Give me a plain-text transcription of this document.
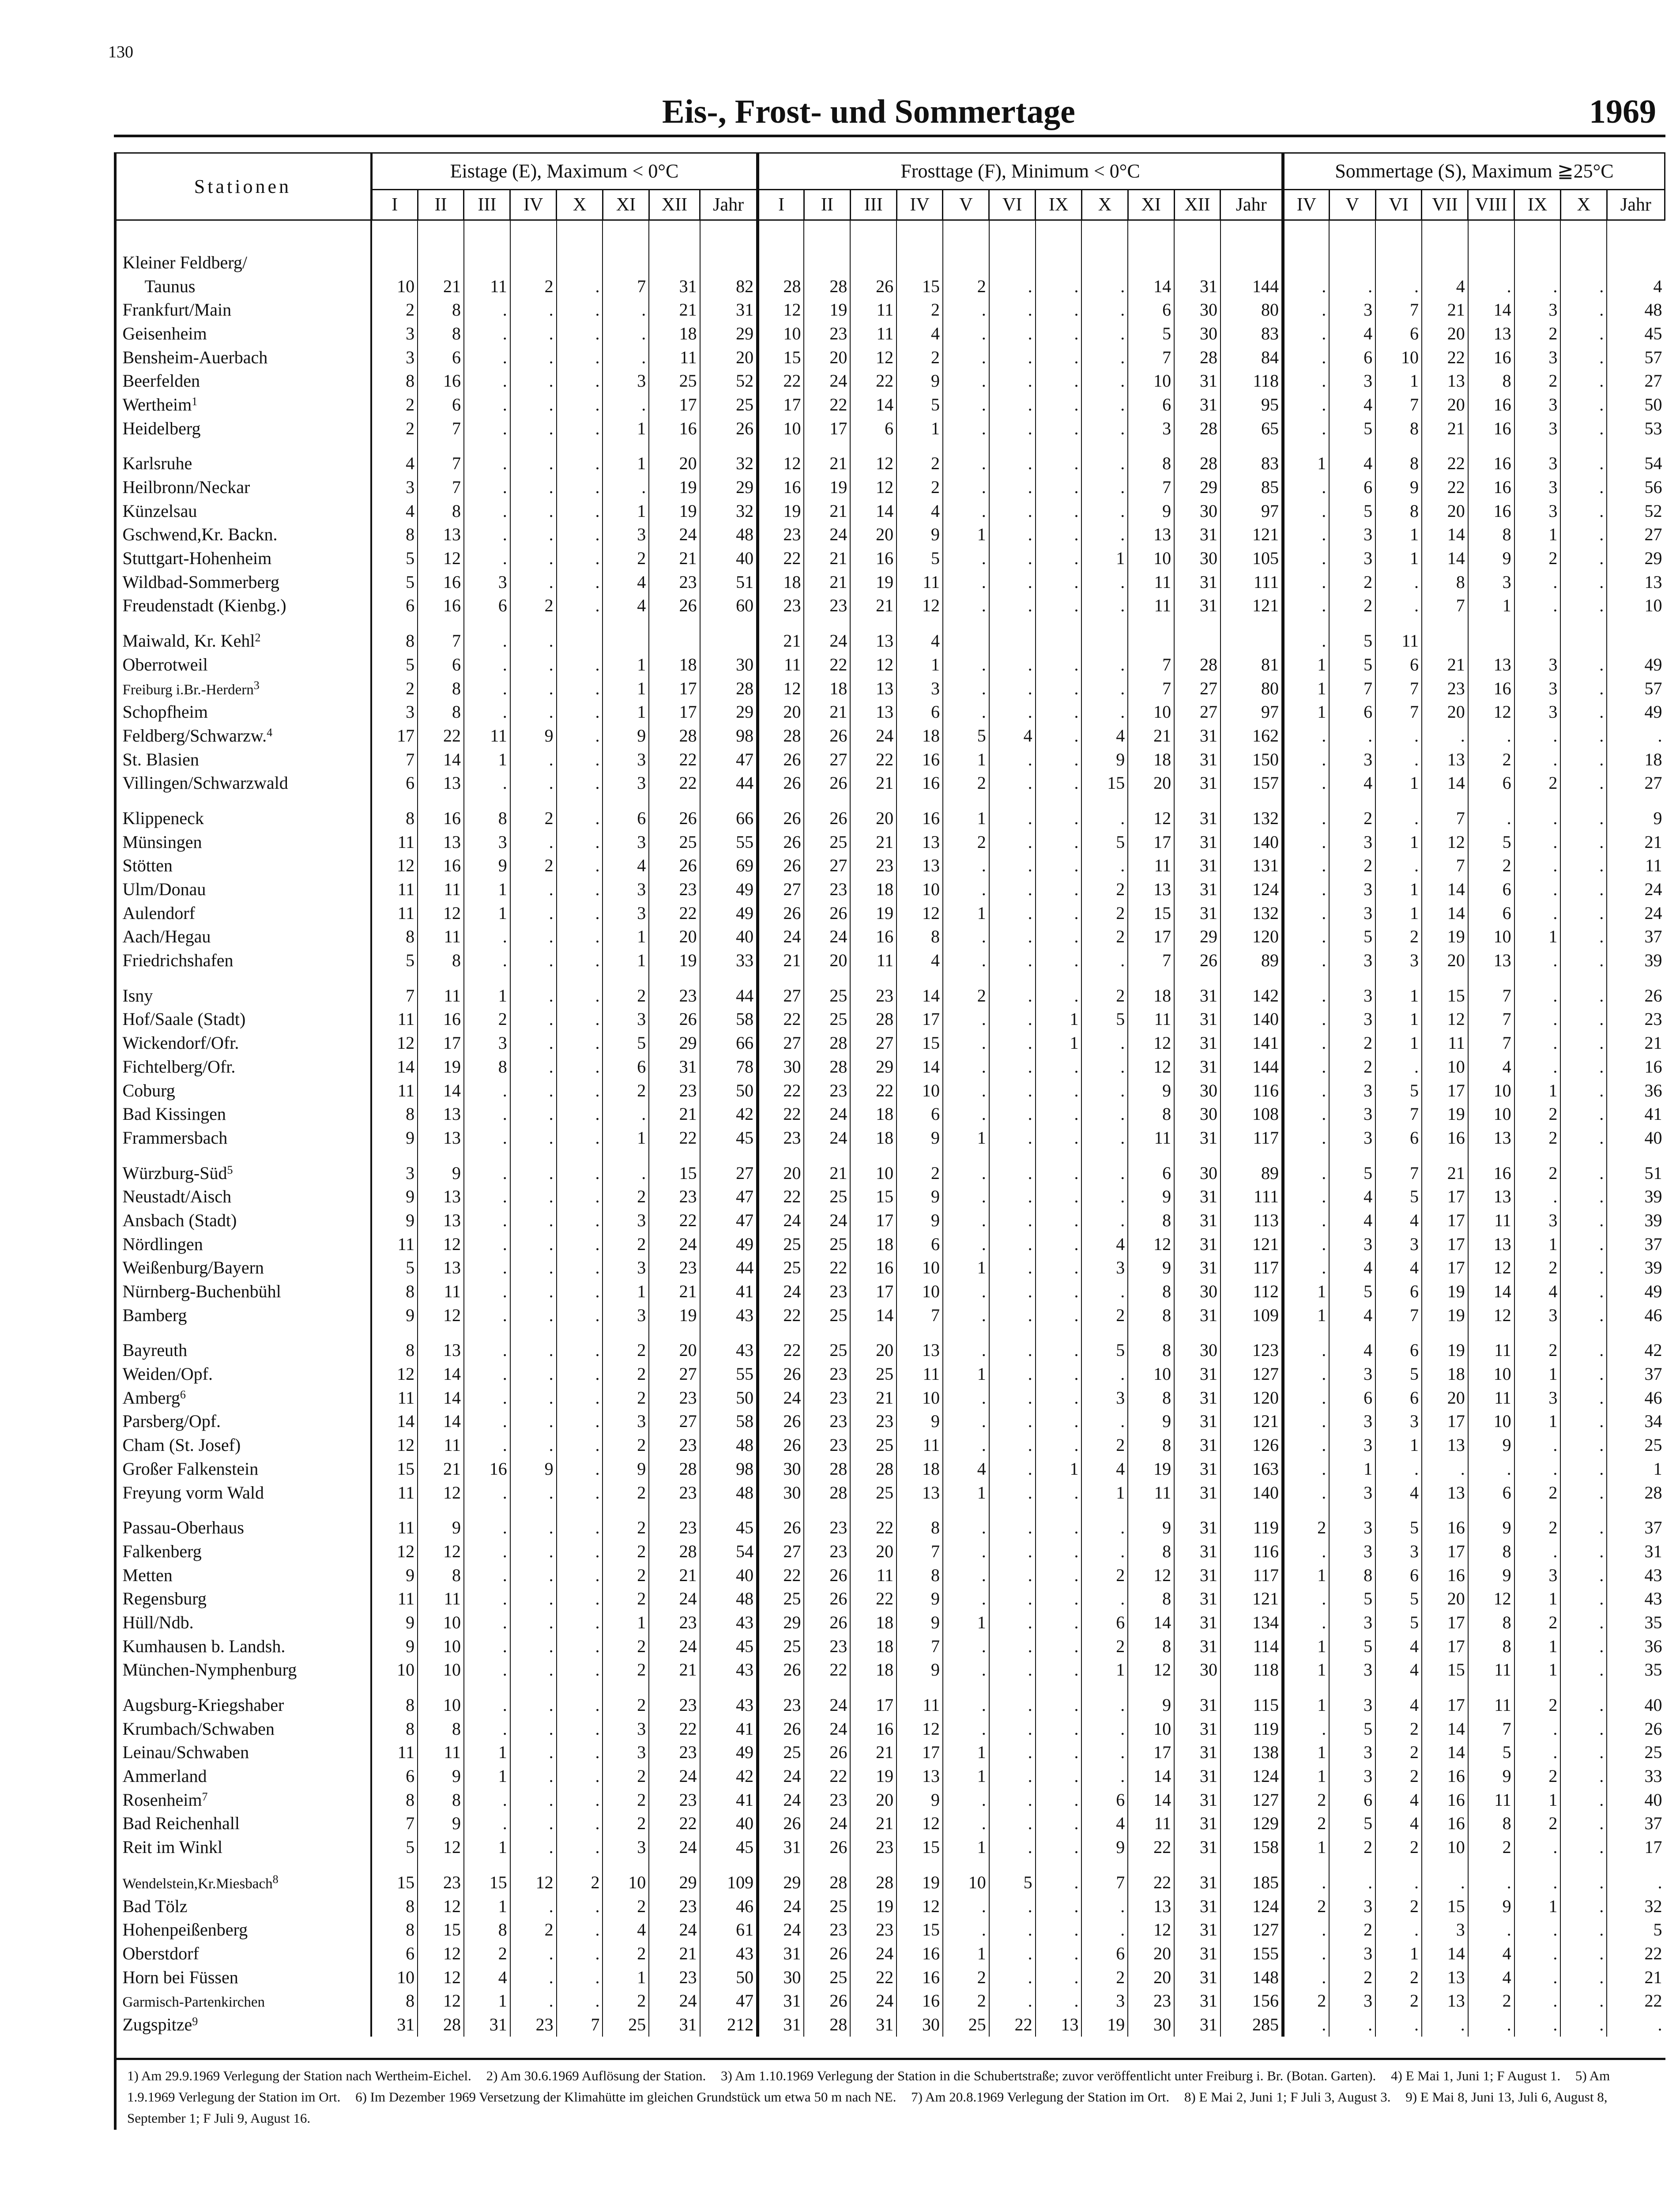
130
Eis-, Frost- und Sommertage	1969
Stationen	Eistage (E), Maximum < 0°C								Frosttage (F), Minimum < 0°C											Sommertage (S), Maximum ≧25°C							
	I	II	III	IV	X	XI	XII	Jahr	I	II	III	IV	V	VI	IX	X	XI	XII	Jahr	IV	V	VI	VII	VIII	IX	X	Jahr

Kleiner Feldberg/																											
Taunus	10	21	11	2	.	7	31	82	28	28	26	15	2	.	.	.	14	31	144	.	.	.	4	.	.	.	4
Frankfurt/Main	2	8	.	.	.	.	21	31	12	19	11	2	.	.	.	.	6	30	80	.	3	7	21	14	3	.	48
Geisenheim	3	8	.	.	.	.	18	29	10	23	11	4	.	.	.	.	5	30	83	.	4	6	20	13	2	.	45
Bensheim-Auerbach	3	6	.	.	.	.	11	20	15	20	12	2	.	.	.	.	7	28	84	.	6	10	22	16	3	.	57
Beerfelden	8	16	.	.	.	3	25	52	22	24	22	9	.	.	.	.	10	31	118	.	3	1	13	8	2	.	27
Wertheim$^1$	2	6	.	.	.	.	17	25	17	22	14	5	.	.	.	.	6	31	95	.	4	7	20	16	3	.	50
Heidelberg	2	7	.	.	.	1	16	26	10	17	6	1	.	.	.	.	3	28	65	.	5	8	21	16	3	.	53

Karlsruhe	4	7	.	.	.	1	20	32	12	21	12	2	.	.	.	.	8	28	83	1	4	8	22	16	3	.	54
Heilbronn/Neckar	3	7	.	.	.	.	19	29	16	19	12	2	.	.	.	.	7	29	85	.	6	9	22	16	3	.	56
Künzelsau	4	8	.	.	.	1	19	32	19	21	14	4	.	.	.	.	9	30	97	.	5	8	20	16	3	.	52
Gschwend,Kr. Backn.	8	13	.	.	.	3	24	48	23	24	20	9	1	.	.	.	13	31	121	.	3	1	14	8	1	.	27
Stuttgart-Hohenheim	5	12	.	.	.	2	21	40	22	21	16	5	.	.	.	1	10	30	105	.	3	1	14	9	2	.	29
Wildbad-Sommerberg	5	16	3	.	.	4	23	51	18	21	19	11	.	.	.	.	11	31	111	.	2	.	8	3	.	.	13
Freudenstadt (Kienbg.)	6	16	6	2	.	4	26	60	23	23	21	12	.	.	.	.	11	31	121	.	2	.	7	1	.	.	10

Maiwald, Kr. Kehl$^2$	8	7	.	.					21	24	13	4								.	5	11					
Oberrotweil	5	6	.	.	.	1	18	30	11	22	12	1	.	.	.	.	7	28	81	1	5	6	21	13	3	.	49
Freiburg i.Br.-Herdern$^3$	2	8	.	.	.	1	17	28	12	18	13	3	.	.	.	.	7	27	80	1	7	7	23	16	3	.	57
Schopfheim	3	8	.	.	.	1	17	29	20	21	13	6	.	.	.	.	10	27	97	1	6	7	20	12	3	.	49
Feldberg/Schwarzw.$^4$	17	22	11	9	.	9	28	98	28	26	24	18	5	4	.	4	21	31	162	.	.	.	.	.	.	.	.
St. Blasien	7	14	1	.	.	3	22	47	26	27	22	16	1	.	.	9	18	31	150	.	3	.	13	2	.	.	18
Villingen/Schwarzwald	6	13	.	.	.	3	22	44	26	26	21	16	2	.	.	15	20	31	157	.	4	1	14	6	2	.	27

Klippeneck	8	16	8	2	.	6	26	66	26	26	20	16	1	.	.	.	12	31	132	.	2	.	7	.	.	.	9
Münsingen	11	13	3	.	.	3	25	55	26	25	21	13	2	.	.	5	17	31	140	.	3	1	12	5	.	.	21
Stötten	12	16	9	2	.	4	26	69	26	27	23	13	.	.	.	.	11	31	131	.	2	.	7	2	.	.	11
Ulm/Donau	11	11	1	.	.	3	23	49	27	23	18	10	.	.	.	2	13	31	124	.	3	1	14	6	.	.	24
Aulendorf	11	12	1	.	.	3	22	49	26	26	19	12	1	.	.	2	15	31	132	.	3	1	14	6	.	.	24
Aach/Hegau	8	11	.	.	.	1	20	40	24	24	16	8	.	.	.	2	17	29	120	.	5	2	19	10	1	.	37
Friedrichshafen	5	8	.	.	.	1	19	33	21	20	11	4	.	.	.	.	7	26	89	.	3	3	20	13	.	.	39

Isny	7	11	1	.	.	2	23	44	27	25	23	14	2	.	.	2	18	31	142	.	3	1	15	7	.	.	26
Hof/Saale (Stadt)	11	16	2	.	.	3	26	58	22	25	28	17	.	.	1	5	11	31	140	.	3	1	12	7	.	.	23
Wickendorf/Ofr.	12	17	3	.	.	5	29	66	27	28	27	15	.	.	1	.	12	31	141	.	2	1	11	7	.	.	21
Fichtelberg/Ofr.	14	19	8	.	.	6	31	78	30	28	29	14	.	.	.	.	12	31	144	.	2	.	10	4	.	.	16
Coburg	11	14	.	.	.	2	23	50	22	23	22	10	.	.	.	.	9	30	116	.	3	5	17	10	1	.	36
Bad Kissingen	8	13	.	.	.	.	21	42	22	24	18	6	.	.	.	.	8	30	108	.	3	7	19	10	2	.	41
Frammersbach	9	13	.	.	.	1	22	45	23	24	18	9	1	.	.	.	11	31	117	.	3	6	16	13	2	.	40

Würzburg-Süd$^5$	3	9	.	.	.	.	15	27	20	21	10	2	.	.	.	.	6	30	89	.	5	7	21	16	2	.	51
Neustadt/Aisch	9	13	.	.	.	2	23	47	22	25	15	9	.	.	.	.	9	31	111	.	4	5	17	13	.	.	39
Ansbach (Stadt)	9	13	.	.	.	3	22	47	24	24	17	9	.	.	.	.	8	31	113	.	4	4	17	11	3	.	39
Nördlingen	11	12	.	.	.	2	24	49	25	25	18	6	.	.	.	4	12	31	121	.	3	3	17	13	1	.	37
Weißenburg/Bayern	5	13	.	.	.	3	23	44	25	22	16	10	1	.	.	3	9	31	117	.	4	4	17	12	2	.	39
Nürnberg-Buchenbühl	8	11	.	.	.	1	21	41	24	23	17	10	.	.	.	.	8	30	112	1	5	6	19	14	4	.	49
Bamberg	9	12	.	.	.	3	19	43	22	25	14	7	.	.	.	2	8	31	109	1	4	7	19	12	3	.	46

Bayreuth	8	13	.	.	.	2	20	43	22	25	20	13	.	.	.	5	8	30	123	.	4	6	19	11	2	.	42
Weiden/Opf.	12	14	.	.	.	2	27	55	26	23	25	11	1	.	.	.	10	31	127	.	3	5	18	10	1	.	37
Amberg$^6$	11	14	.	.	.	2	23	50	24	23	21	10	.	.	.	3	8	31	120	.	6	6	20	11	3	.	46
Parsberg/Opf.	14	14	.	.	.	3	27	58	26	23	23	9	.	.	.	.	9	31	121	.	3	3	17	10	1	.	34
Cham (St. Josef)	12	11	.	.	.	2	23	48	26	23	25	11	.	.	.	2	8	31	126	.	3	1	13	9	.	.	25
Großer Falkenstein	15	21	16	9	.	9	28	98	30	28	28	18	4	.	1	4	19	31	163	.	1	.	.	.	.	.	1
Freyung vorm Wald	11	12	.	.	.	2	23	48	30	28	25	13	1	.	.	1	11	31	140	.	3	4	13	6	2	.	28

Passau-Oberhaus	11	9	.	.	.	2	23	45	26	23	22	8	.	.	.	.	9	31	119	2	3	5	16	9	2	.	37
Falkenberg	12	12	.	.	.	2	28	54	27	23	20	7	.	.	.	.	8	31	116	.	3	3	17	8	.	.	31
Metten	9	8	.	.	.	2	21	40	22	26	11	8	.	.	.	2	12	31	117	1	8	6	16	9	3	.	43
Regensburg	11	11	.	.	.	2	24	48	25	26	22	9	.	.	.	.	8	31	121	.	5	5	20	12	1	.	43
Hüll/Ndb.	9	10	.	.	.	1	23	43	29	26	18	9	1	.	.	6	14	31	134	.	3	5	17	8	2	.	35
Kumhausen b. Landsh.	9	10	.	.	.	2	24	45	25	23	18	7	.	.	.	2	8	31	114	1	5	4	17	8	1	.	36
München-Nymphenburg	10	10	.	.	.	2	21	43	26	22	18	9	.	.	.	1	12	30	118	1	3	4	15	11	1	.	35

Augsburg-Kriegshaber	8	10	.	.	.	2	23	43	23	24	17	11	.	.	.	.	9	31	115	1	3	4	17	11	2	.	40
Krumbach/Schwaben	8	8	.	.	.	3	22	41	26	24	16	12	.	.	.	.	10	31	119	.	5	2	14	7	.	.	26
Leinau/Schwaben	11	11	1	.	.	3	23	49	25	26	21	17	1	.	.	.	17	31	138	1	3	2	14	5	.	.	25
Ammerland	6	9	1	.	.	2	24	42	24	22	19	13	1	.	.	.	14	31	124	1	3	2	16	9	2	.	33
Rosenheim$^7$	8	8	.	.	.	2	23	41	24	23	20	9	.	.	.	6	14	31	127	2	6	4	16	11	1	.	40
Bad Reichenhall	7	9	.	.	.	2	22	40	26	24	21	12	.	.	.	4	11	31	129	2	5	4	16	8	2	.	37
Reit im Winkl	5	12	1	.	.	3	24	45	31	26	23	15	1	.	.	9	22	31	158	1	2	2	10	2	.	.	17

Wendelstein,Kr.Miesbach$^8$	15	23	15	12	2	10	29	109	29	28	28	19	10	5	.	7	22	31	185	.	.	.	.	.	.	.	.
Bad Tölz	8	12	1	.	.	2	23	46	24	25	19	12	.	.	.	.	13	31	124	2	3	2	15	9	1	.	32
Hohenpeißenberg	8	15	8	2	.	4	24	61	24	23	23	15	.	.	.	.	12	31	127	.	2	.	3	.	.	.	5
Oberstdorf	6	12	2	.	.	2	21	43	31	26	24	16	1	.	.	6	20	31	155	.	3	1	14	4	.	.	22
Horn bei Füssen	10	12	4	.	.	1	23	50	30	25	22	16	2	.	.	2	20	31	148	.	2	2	13	4	.	.	21
Garmisch-Partenkirchen	8	12	1	.	.	2	24	47	31	26	24	16	2	.	.	3	23	31	156	2	3	2	13	2	.	.	22
Zugspitze$^9$	31	28	31	23	7	25	31	212	31	28	31	30	25	22	13	19	30	31	285	.	.	.	.	.	.	.	.
1) Am 29.9.1969 Verlegung der Station nach Wertheim-Eichel. 2) Am 30.6.1969 Auflösung der Station. 3) Am 1.10.1969 Verlegung der Station in die Schubertstraße; zuvor veröffentlicht unter Freiburg i. Br. (Botan. Garten). 4) E Mai 1, Juni 1; F August 1. 5) Am 1.9.1969 Verlegung der Station im Ort. 6) Im Dezember 1969 Versetzung der Klimahütte im gleichen Grundstück um etwa 50 m nach NE. 7) Am 20.8.1969 Verlegung der Station im Ort. 8) E Mai 2, Juni 1; F Juli 3, August 3. 9) E Mai 8, Juni 13, Juli 6, August 8, September 1; F Juli 9, August 16.
